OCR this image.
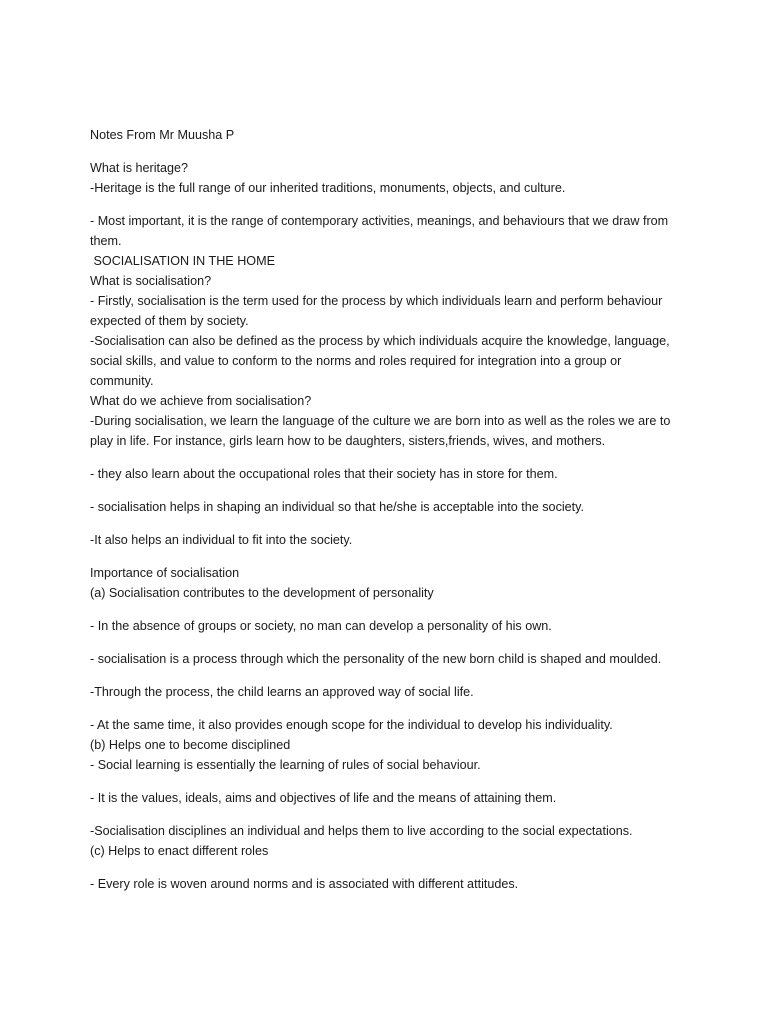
Notes From Mr Muusha P
What is heritage?
-Heritage is the full range of our inherited traditions, monuments, objects, and culture.
- Most important, it is the range of contemporary activities, meanings, and behaviours that we draw from them.
SOCIALISATION IN THE HOME
What is socialisation?
- Firstly, socialisation is the term used for the process by which individuals learn and perform behaviour expected of them by society.
-Socialisation can also be defined as the process by which individuals acquire the knowledge, language, social skills, and value to conform to the norms and roles required for integration into a group or community.
What do we achieve from socialisation?
-During socialisation, we learn the language of the culture we are born into as well as the roles we are to play in life. For instance, girls learn how to be daughters, sisters,friends, wives, and mothers.
- they also learn about the occupational roles that their society has in store for them.
- socialisation helps in shaping an individual so that he/she is acceptable into the society.
-It also helps an individual to fit into the society.
Importance of socialisation
(a) Socialisation contributes to the development of personality
- In the absence of groups or society, no man can develop a personality of his own.
- socialisation is a process through which the personality of the new born child is shaped and moulded.
-Through the process, the child learns an approved way of social life.
- At the same time, it also provides enough scope for the individual to develop his individuality.
(b) Helps one to become disciplined
- Social learning is essentially the learning of rules of social behaviour.
- It is the values, ideals, aims and objectives of life and the means of attaining them.
-Socialisation disciplines an individual and helps them to live according to the social expectations.
(c) Helps to enact different roles
- Every role is woven around norms and is associated with different attitudes.
